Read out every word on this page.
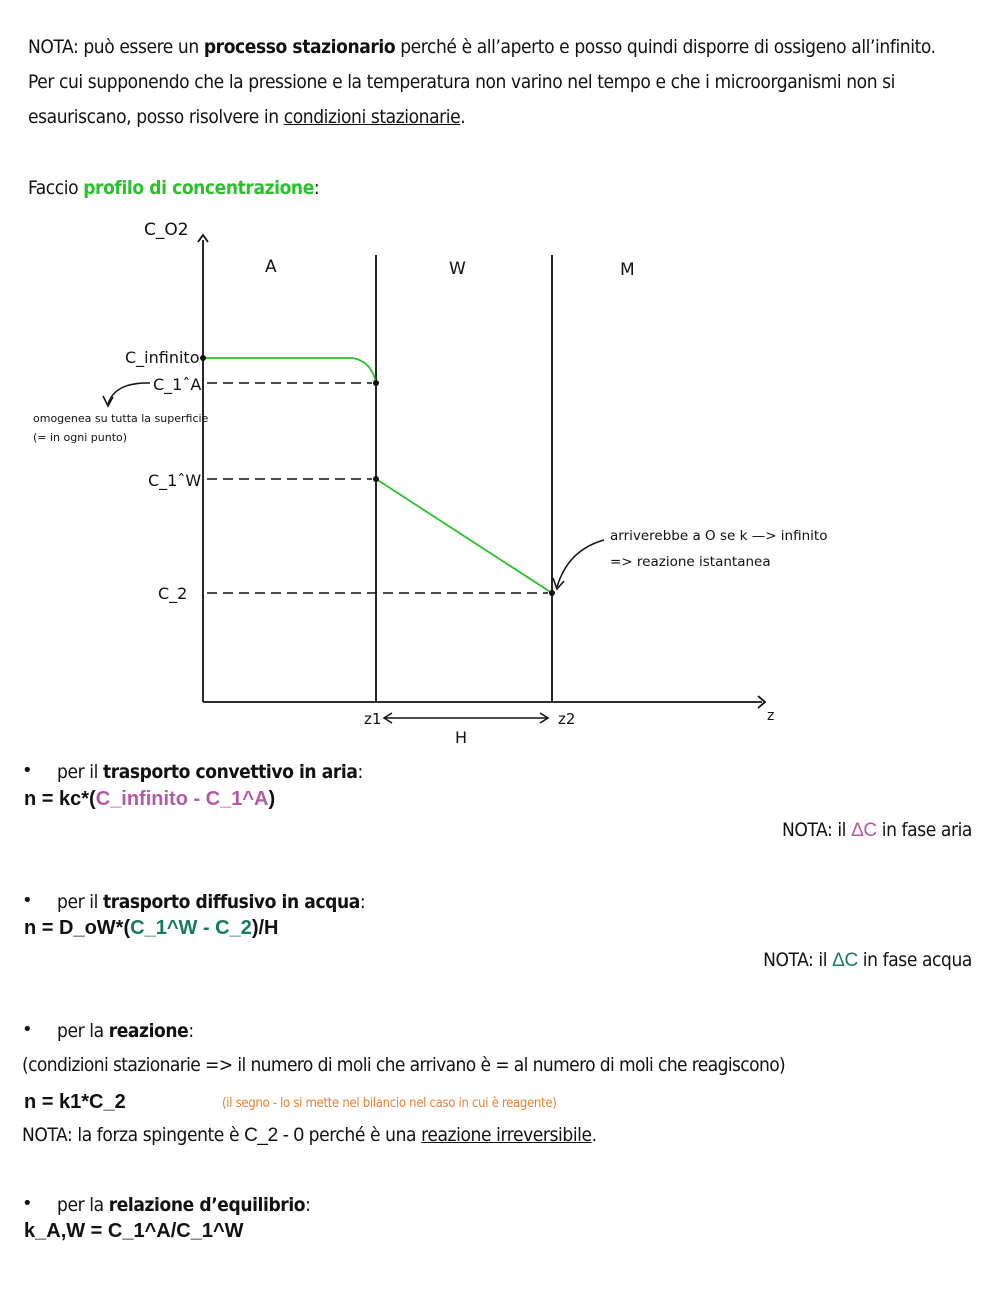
NOTA: può essere un processo stazionario perché è all’aperto e posso quindi disporre di ossigeno all’infinito.
Per cui supponendo che la pressione e la temperatura non varino nel tempo e che i microorganismi non si
esauriscano, posso risolvere in condizioni stazionarie.
Faccio profilo di concentrazione:
C_O2
z
A	W	M
C_infinito
C_1ˆA
C_1ˆW
C_2
z1	z2
H
omogenea su tutta la superficie
(= in ogni punto)
arriverebbe a O se k —> infinito
=> reazione istantanea
• per il trasporto convettivo in aria:
n = kc*(C_infinito - C_1^A)
NOTA: il ΔC in fase aria
• per il trasporto diffusivo in acqua:
n = D_oW*(C_1^W - C_2)/H
NOTA: il ΔC in fase acqua
• per la reazione:
(condizioni stazionarie => il numero di moli che arrivano è = al numero di moli che reagiscono)
n = k1*C_2	(il segno - lo si mette nel bilancio nel caso in cui è reagente)
NOTA: la forza spingente è C_2 - 0 perché è una reazione irreversibile.
• per la relazione d’equilibrio:
k_A,W = C_1^A/C_1^W
